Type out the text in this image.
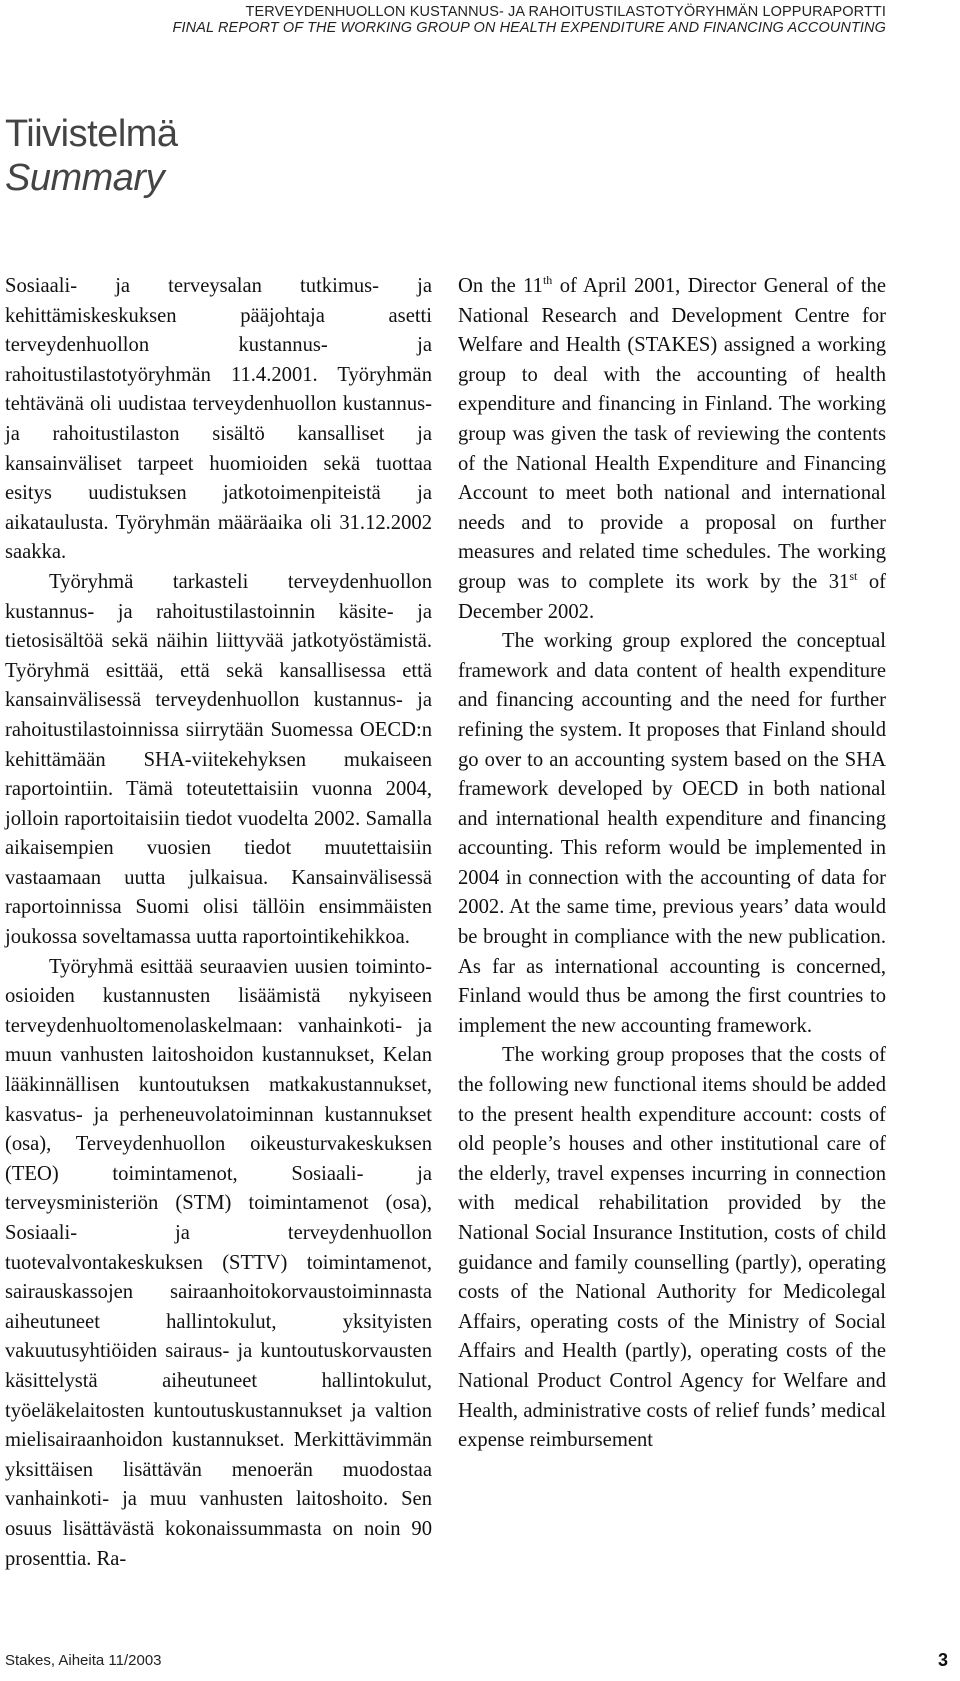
TERVEYDENHUOLLON KUSTANNUS- JA RAHOITUSTILASTOTYÖRYHMÄN LOPPURAPORTTI
FINAL REPORT OF THE WORKING GROUP ON HEALTH EXPENDITURE AND FINANCING ACCOUNTING
Tiivistelmä
Summary

Sosiaali- ja terveysalan tutkimus- ja kehittämiskeskuksen pääjohtaja asetti terveydenhuollon kustannus- ja rahoitustilastotyöryhmän 11.4.2001. Työryhmän tehtävänä oli uudistaa terveydenhuollon kustannus- ja rahoitustilaston sisältö kansalliset ja kansainväliset tarpeet huomioiden sekä tuottaa esitys uudistuksen jatkotoimenpiteistä ja aikataulusta. Työryhmän määräaika oli 31.12.2002 saakka.

Työryhmä tarkasteli terveydenhuollon kustannus- ja rahoitustilastoinnin käsite- ja tietosisältöä sekä näihin liittyvää jatkotyöstämistä. Työryhmä esittää, että sekä kansallisessa että kansainvälisessä terveydenhuollon kustannus- ja rahoitustilastoinnissa siirrytään Suomessa OECD:n kehittämään SHA-viitekehyksen mukaiseen raportointiin. Tämä toteutettaisiin vuonna 2004, jolloin raportoitaisiin tiedot vuodelta 2002. Samalla aikaisempien vuosien tiedot muutettaisiin vastaamaan uutta julkaisua. Kansainvälisessä raportoinnissa Suomi olisi tällöin ensimmäisten joukossa soveltamassa uutta raportointikehikkoa.

Työryhmä esittää seuraavien uusien toiminto-osioiden kustannusten lisäämistä nykyiseen terveydenhuoltomenolaskelmaan: vanhainkoti- ja muun vanhusten laitoshoidon kustannukset, Kelan lääkinnällisen kuntoutuksen matkakustannukset, kasvatus- ja perheneuvolatoiminnan kustannukset (osa), Terveydenhuollon oikeusturvakeskuksen (TEO) toimintamenot, Sosiaali- ja terveysministeriön (STM) toimintamenot (osa), Sosiaali- ja terveydenhuollon tuotevalvontakeskuksen (STTV) toimintamenot, sairauskassojen sairaanhoitokorvaustoiminnasta aiheutuneet hallintokulut, yksityisten vakuutusyhtiöiden sairaus- ja kuntoutuskorvausten käsittelystä aiheutuneet hallintokulut, työeläkelaitosten kuntoutuskustannukset ja valtion mielisairaanhoidon kustannukset. Merkittävimmän yksittäisen lisättävän menoerän muodostaa vanhainkoti- ja muu vanhusten laitoshoito. Sen osuus lisättävästä kokonaissummasta on noin 90 prosenttia. Ra-

On the 11th of April 2001, Director General of the National Research and Development Centre for Welfare and Health (STAKES) assigned a working group to deal with the accounting of health expenditure and financing in Finland. The working group was given the task of reviewing the contents of the National Health Expenditure and Financing Account to meet both national and international needs and to provide a proposal on further measures and related time schedules. The working group was to complete its work by the 31st of December 2002.

The working group explored the conceptual framework and data content of health expenditure and financing accounting and the need for further refining the system. It proposes that Finland should go over to an accounting system based on the SHA framework developed by OECD in both national and international health expenditure and financing accounting. This reform would be implemented in 2004 in connection with the accounting of data for 2002. At the same time, previous years’ data would be brought in compliance with the new publication. As far as international accounting is concerned, Finland would thus be among the first countries to implement the new accounting framework.

The working group proposes that the costs of the following new functional items should be added to the present health expenditure account: costs of old people’s houses and other institutional care of the elderly, travel expenses incurring in connection with medical rehabilitation provided by the National Social Insurance Institution, costs of child guidance and family counselling (partly), operating costs of the National Authority for Medicolegal Affairs, operating costs of the Ministry of Social Affairs and Health (partly), operating costs of the National Product Control Agency for Welfare and Health, administrative costs of relief funds’ medical expense reimbursement

Stakes, Aiheita 11/2003	3
